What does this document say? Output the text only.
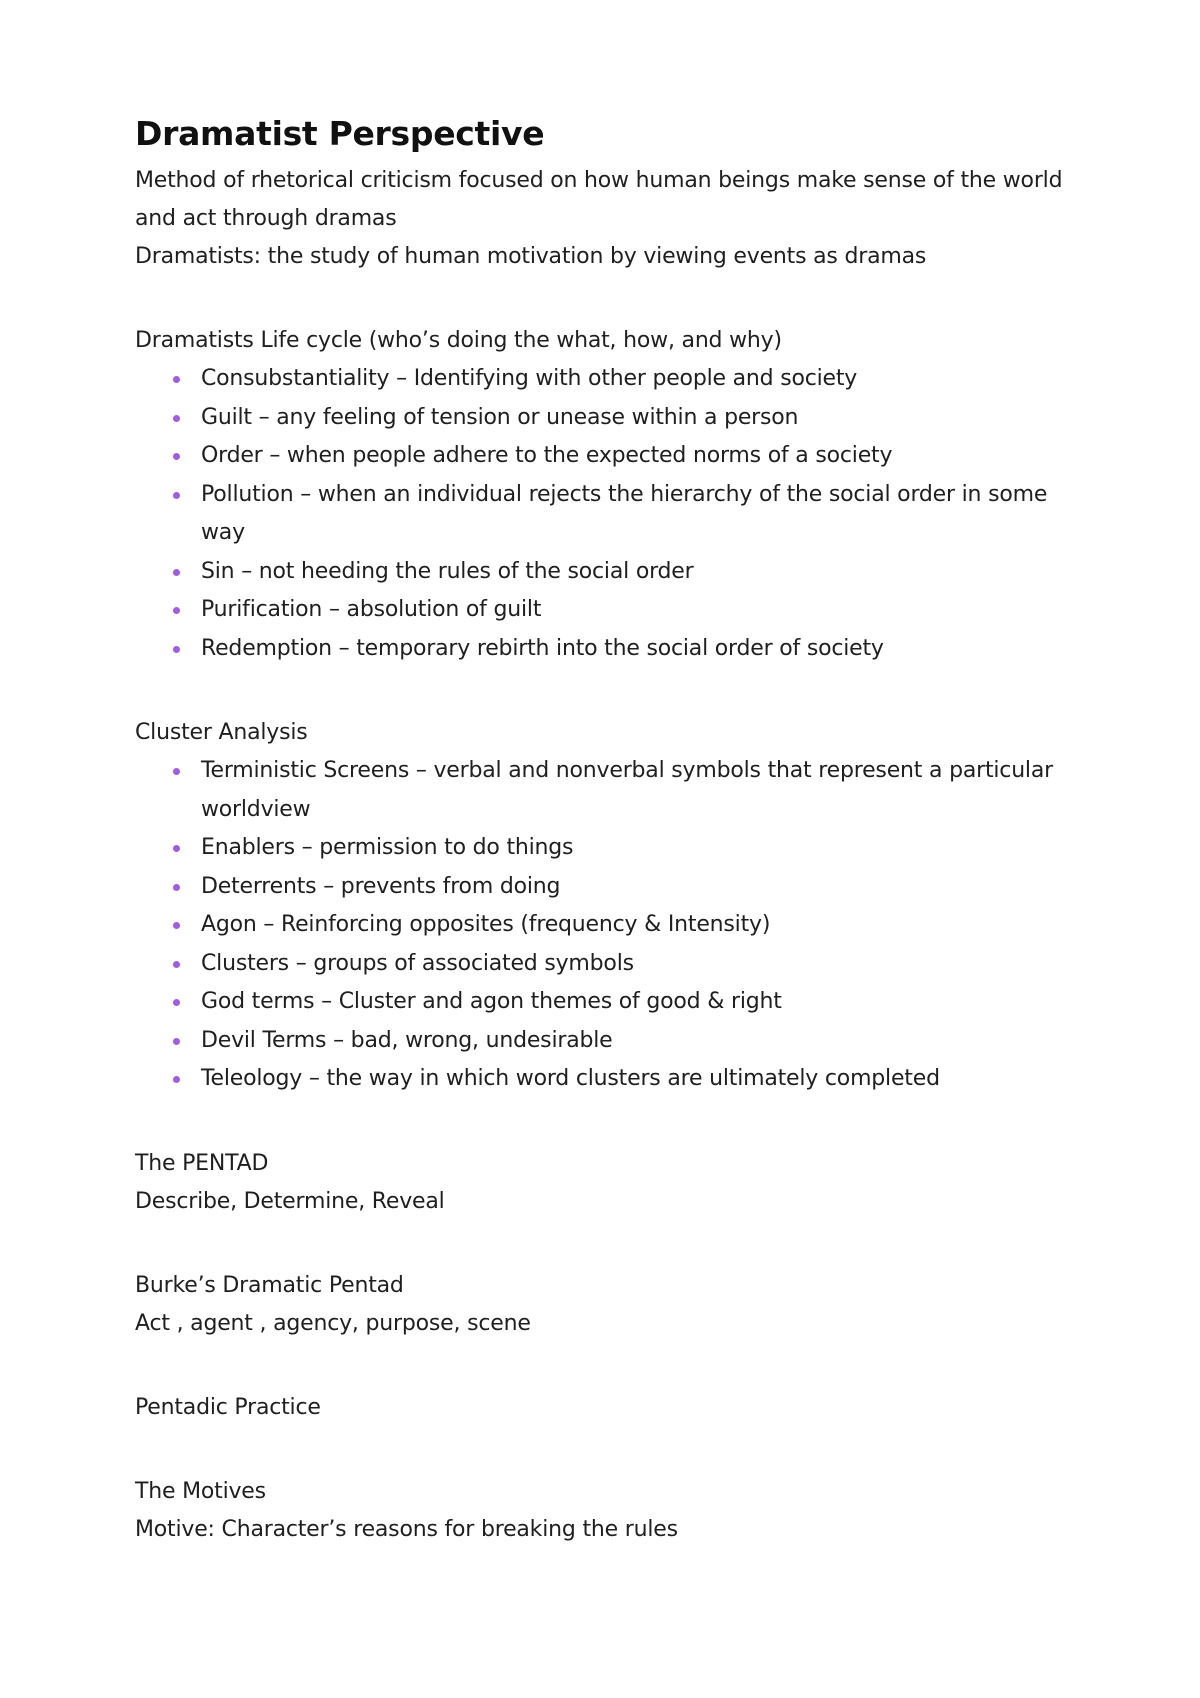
Dramatist Perspective

Method of rhetorical criticism focused on how human beings make sense of the world and act through dramas

Dramatists: the study of human motivation by viewing events as dramas

Dramatists Life cycle (who’s doing the what, how, and why)

Consubstantiality – Identifying with other people and society
Guilt – any feeling of tension or unease within a person
Order – when people adhere to the expected norms of a society
Pollution – when an individual rejects the hierarchy of the social order in some way
Sin – not heeding the rules of the social order
Purification – absolution of guilt
Redemption – temporary rebirth into the social order of society

Cluster Analysis

Terministic Screens – verbal and nonverbal symbols that represent a particular worldview
Enablers – permission to do things
Deterrents – prevents from doing
Agon – Reinforcing opposites (frequency & Intensity)
Clusters – groups of associated symbols
God terms – Cluster and agon themes of good & right
Devil Terms – bad, wrong, undesirable
Teleology – the way in which word clusters are ultimately completed

The PENTAD

Describe, Determine, Reveal

Burke’s Dramatic Pentad

Act , agent , agency, purpose, scene

Pentadic Practice

The Motives

Motive: Character’s reasons for breaking the rules
